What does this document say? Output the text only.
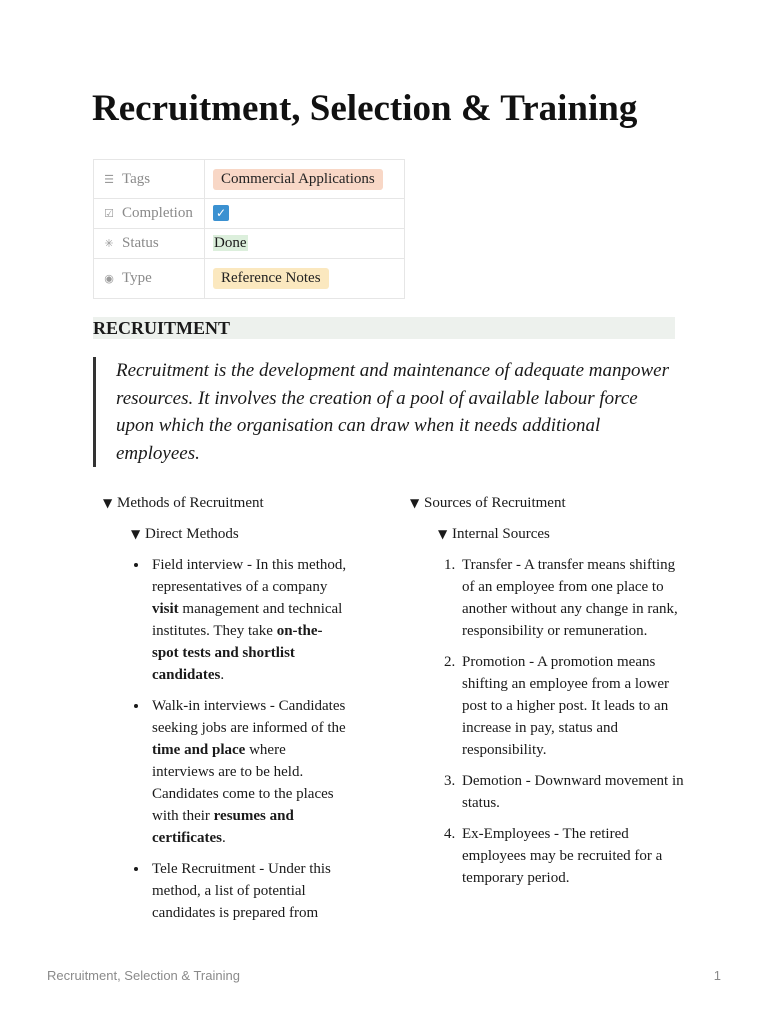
Recruitment, Selection & Training
☰ Tags	Commercial Applications
☑ Completion	✓
✳ Status	Done
◉ Type	Reference Notes
RECRUITMENT
Recruitment is the development and maintenance of adequate manpower resources. It involves the creation of a pool of available labour force upon which the organisation can draw when it needs additional employees.
▼ Methods of Recruitment
▼ Direct Methods
• Field interview - In this method, representatives of a company visit management and technical institutes. They take on-the-spot tests and shortlist candidates.
• Walk-in interviews - Candidates seeking jobs are informed of the time and place where interviews are to be held. Candidates come to the places with their resumes and certificates.
• Tele Recruitment - Under this method, a list of potential candidates is prepared from
▼ Sources of Recruitment
▼ Internal Sources
1. Transfer - A transfer means shifting of an employee from one place to another without any change in rank, responsibility or remuneration.
2. Promotion - A promotion means shifting an employee from a lower post to a higher post. It leads to an increase in pay, status and responsibility.
3. Demotion - Downward movement in status.
4. Ex-Employees - The retired employees may be recruited for a temporary period.
Recruitment, Selection & Training	1
